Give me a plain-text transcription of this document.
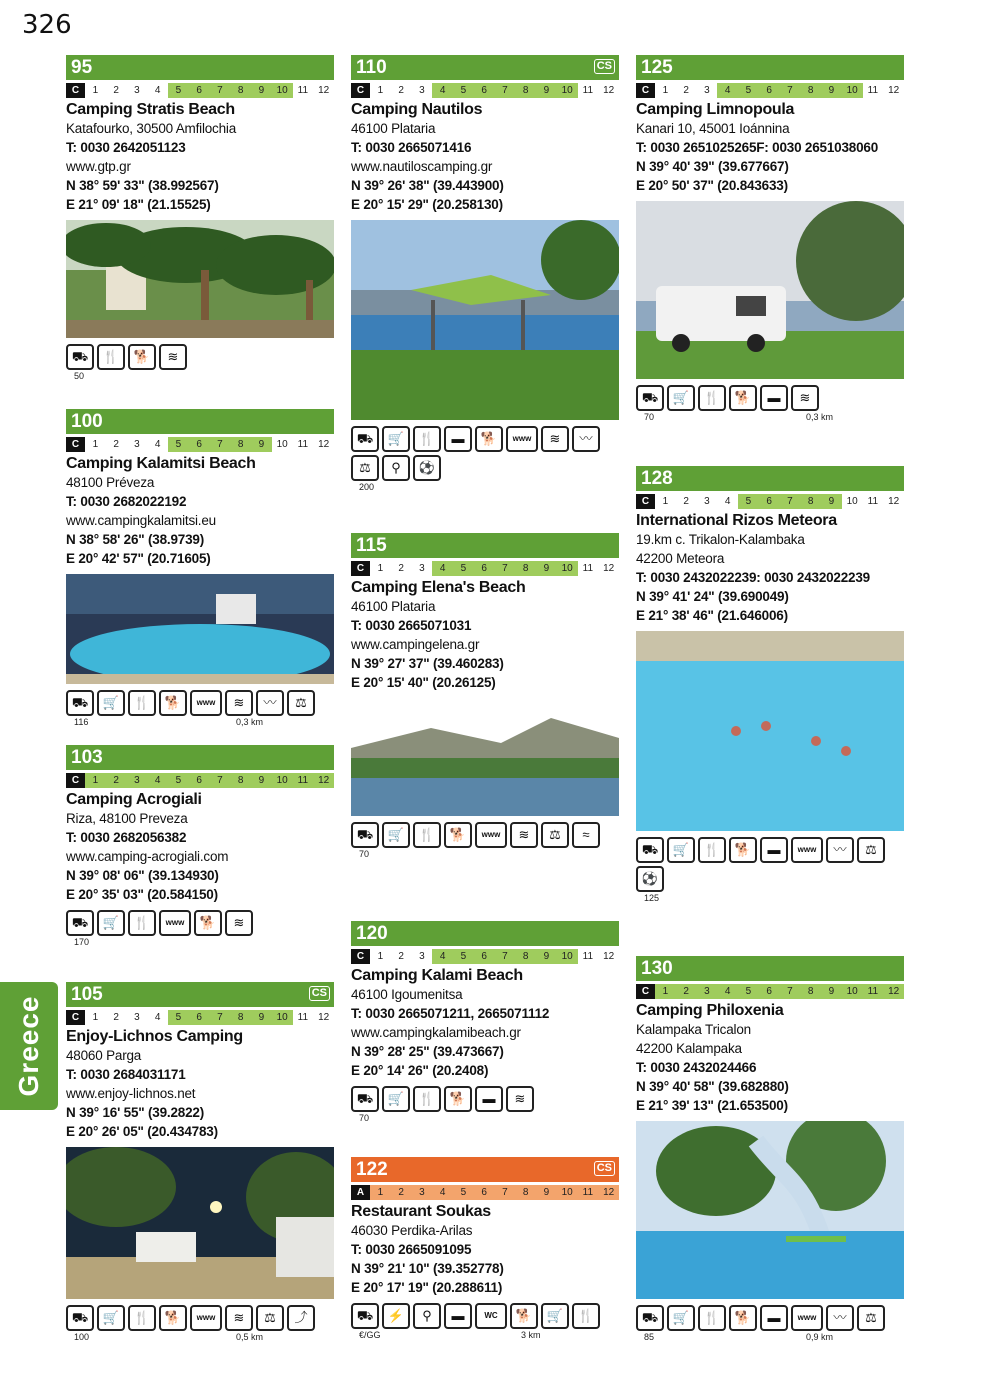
326
Greece
95
C	1	2	3	4	5	6	7	8	9	10 11	12
Camping Stratis Beach
Katafourko, 30500 Amfilochia
T: 0030 2642051123
www.gtp.gr
N 38° 59' 33" (38.992567)
E 21° 09' 18" (21.15525)
⛟	🍴	🐕	≋
50
100
C	1	2	3	4	5	6	7	8	9	10 11	12
Camping Kalamitsi Beach
48100 Préveza
T: 0030 2682022192
www.campingkalamitsi.eu
N 38° 58' 26" (38.9739)
E 20° 42' 57" (20.71605)
⛟	🛒	🍴	🐕	www	≋	〰	⚖
116	0,3 km
103
C	1	2	3	4	5	6	7	8	9	10 11	12
Camping Acrogiali
Riza, 48100 Preveza
T: 0030 2682056382
www.camping-acrogiali.com
N 39° 08' 06" (39.134930)
E 20° 35' 03" (20.584150)
⛟	🛒	🍴	www	🐕	≋
170
105	CS
C	1	2	3	4	5	6	7	8	9	10 11	12
Enjoy-Lichnos Camping
48060 Parga
T: 0030 2684031171
www.enjoy-lichnos.net
N 39° 16' 55" (39.2822)
E 20° 26' 05" (20.434783)
⛟	🛒	🍴	🐕	www	≋	⚖	⤴
100	0,5 km
110	CS
C	1	2	3	4	5	6	7	8	9	10 11	12
Camping Nautilos
46100 Plataria
T: 0030 2665071416
www.nautiloscamping.gr
N 39° 26' 38" (39.443900)
E 20° 15' 29" (20.258130)
⛟	🛒	🍴	▬	🐕	www	≋	〰
⚖	⚲	⚽
200
115
C	1	2	3	4	5	6	7	8	9	10 11	12
Camping Elena's Beach
46100 Plataria
T: 0030 2665071031
www.campingelena.gr
N 39° 27' 37" (39.460283)
E 20° 15' 40" (20.26125)
⛟	🛒	🍴	🐕	www	≋	⚖	≈
70
120
C	1	2	3	4	5	6	7	8	9	10 11	12
Camping Kalami Beach
46100 Igoumenitsa
T: 0030 2665071211, 2665071112
www.campingkalamibeach.gr
N 39° 28' 25" (39.473667)
E 20° 14' 26" (20.2408)
⛟	🛒	🍴	🐕	▬	≋
70
122	CS
A	1	2	3	4	5	6	7	8	9	10 11	12
Restaurant Soukas
46030 Perdika-Arilas
T: 0030 2665091095
N 39° 21' 10" (39.352778)
E 20° 17' 19" (20.288611)
⛟	⚡	⚲	▬	WC	🐕	🛒	🍴
€/GG	3 km
125
C	1	2	3	4	5	6	7	8	9	10 11	12
Camping Limnopoula
Kanari 10, 45001 Ioánnina
T: 0030 2651025265F: 0030 2651038060
N 39° 40' 39" (39.677667)
E 20° 50' 37" (20.843633)
⛟	🛒	🍴	🐕	▬	≋
70	0,3 km
128
C	1	2	3	4	5	6	7	8	9	10 11	12
International Rizos Meteora
19.km c. Trikalon-Kalambaka
42200 Meteora
T: 0030 2432022239: 0030 2432022239
N 39° 41' 24" (39.690049)
E 21° 38' 46" (21.646006)
⛟	🛒	🍴	🐕	▬	www	〰	⚖
⚽
125
130
C	1	2	3	4	5	6	7	8	9	10 11	12
Camping Philoxenia
Kalampaka Tricalon
42200 Kalampaka
T: 0030 2432024466
N 39° 40' 58" (39.682880)
E 21° 39' 13" (21.653500)
⛟	🛒	🍴	🐕	▬	www	〰	⚖
85	0,9 km
